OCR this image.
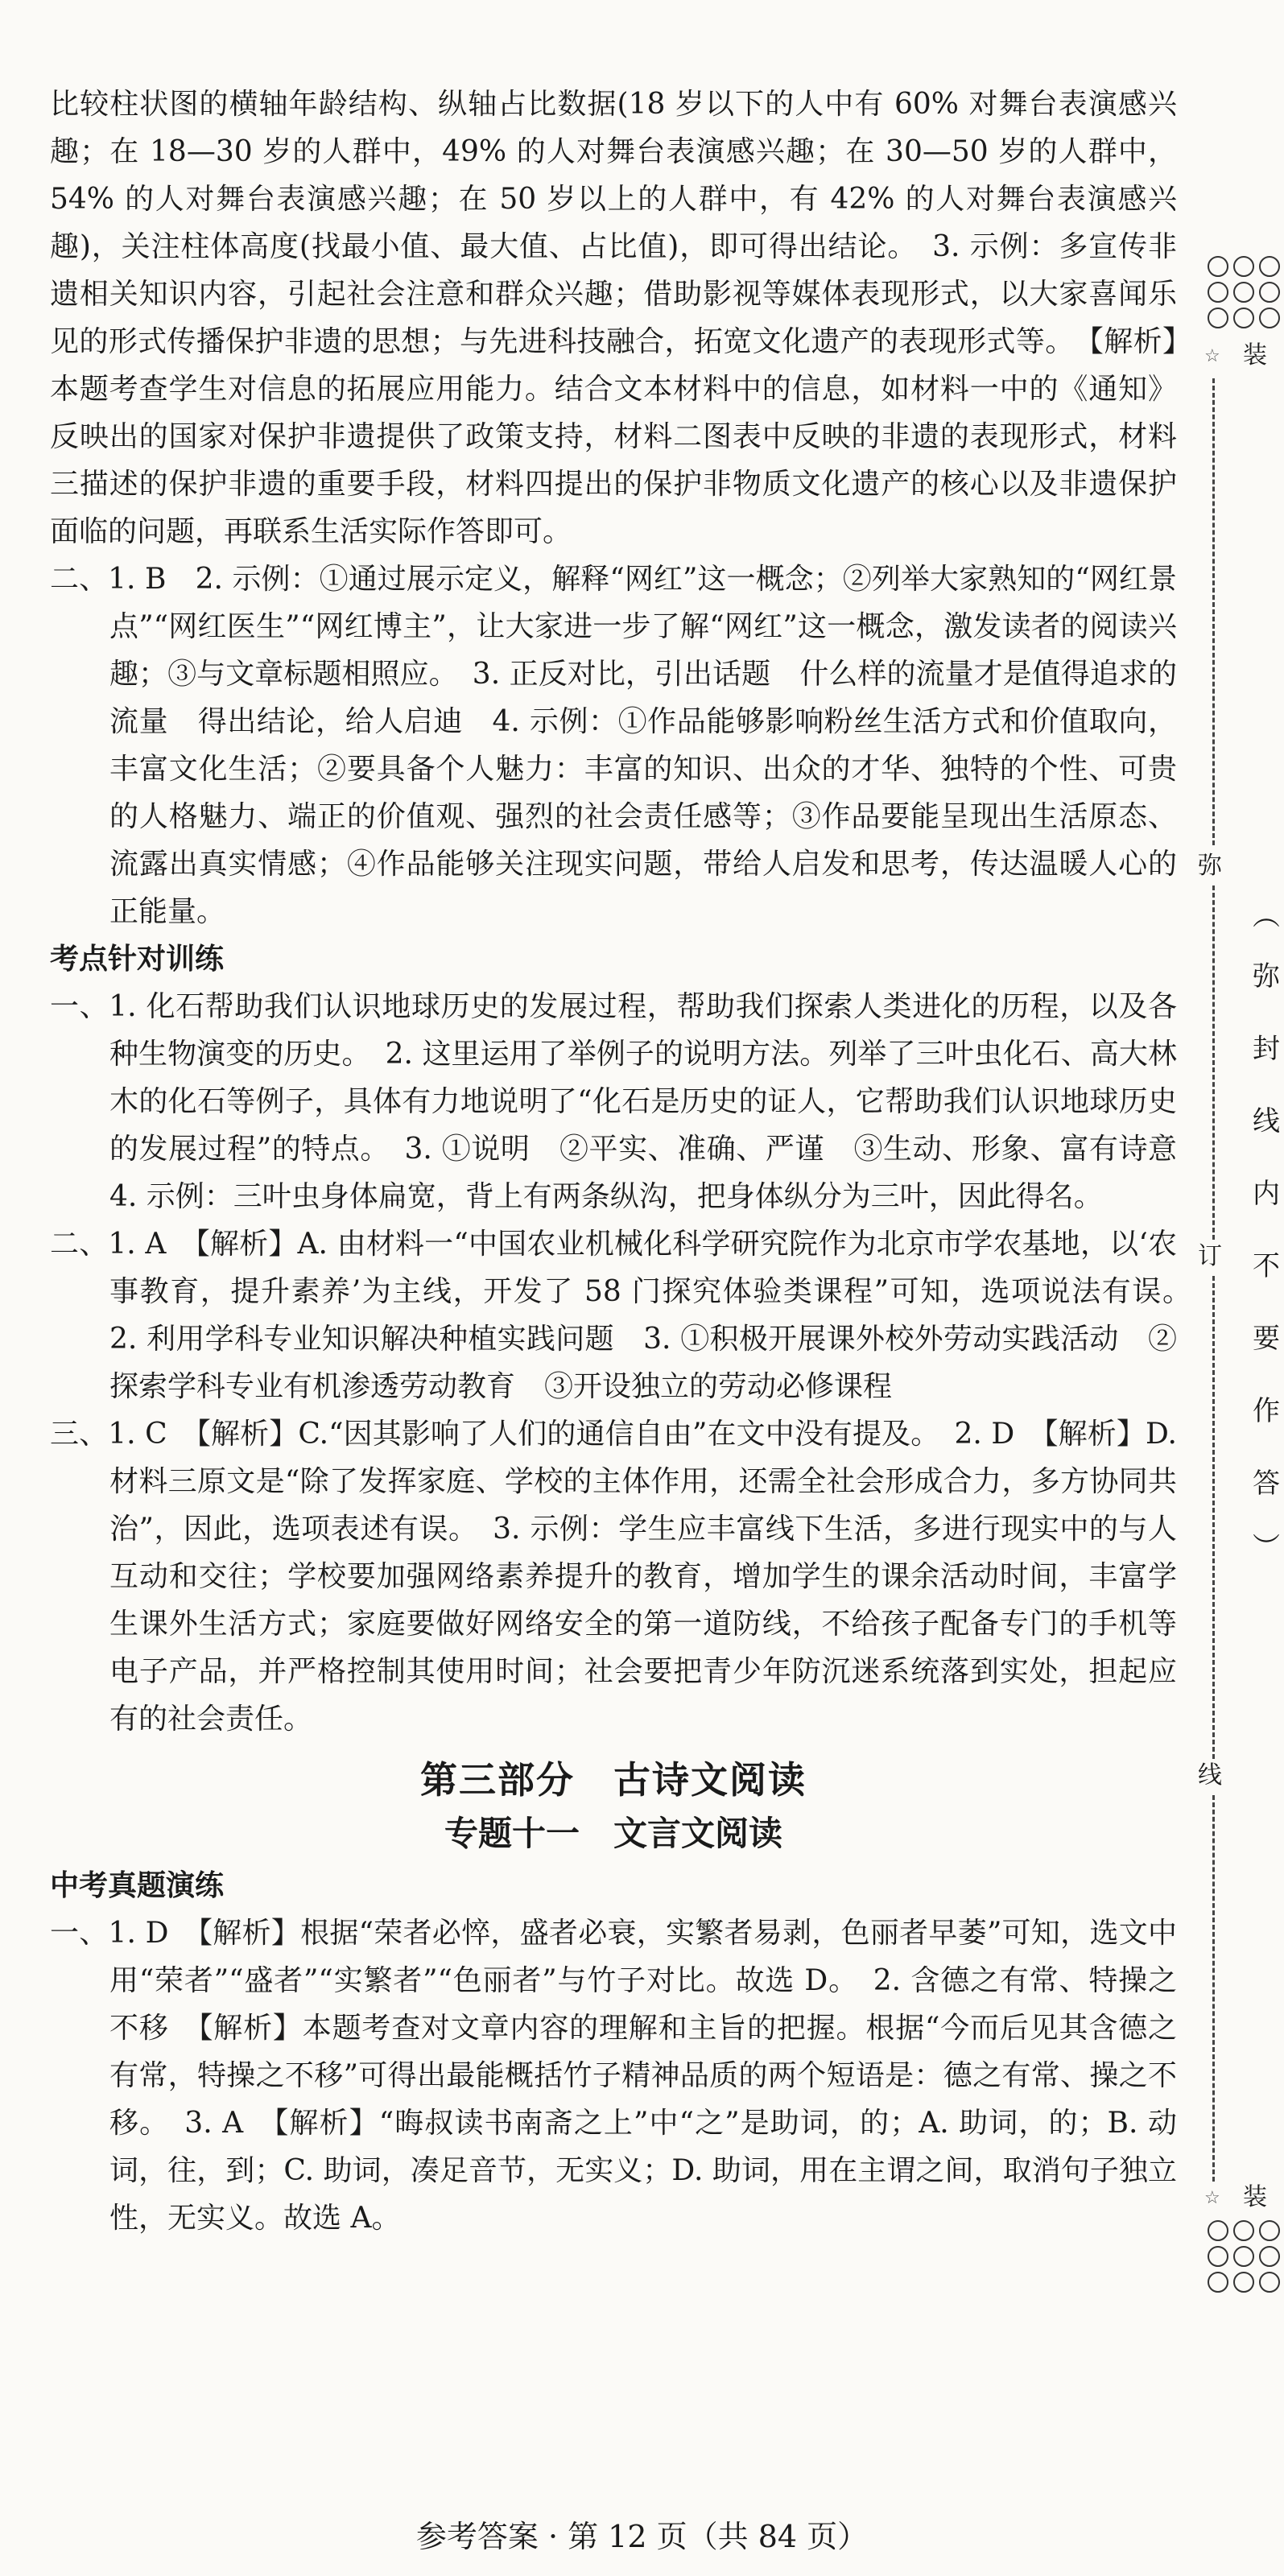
比较柱状图的横轴年龄结构、纵轴占比数据(18 岁以下的人中有 60% 对舞台表演感兴趣；在 18—30 岁的人群中，49% 的人对舞台表演感兴趣；在 30—50 岁的人群中，54% 的人对舞台表演感兴趣；在 50 岁以上的人群中，有 42% 的人对舞台表演感兴趣)，关注柱体高度(找最小值、最大值、占比值)，即可得出结论。　3. 示例：多宣传非遗相关知识内容，引起社会注意和群众兴趣；借助影视等媒体表现形式，以大家喜闻乐见的形式传播保护非遗的思想；与先进科技融合，拓宽文化遗产的表现形式等。　【解析】本题考查学生对信息的拓展应用能力。结合文本材料中的信息，如材料一中的《通知》反映出的国家对保护非遗提供了政策支持，材料二图表中反映的非遗的表现形式，材料三描述的保护非遗的重要手段，材料四提出的保护非物质文化遗产的核心以及非遗保护面临的问题，再联系生活实际作答即可。

二、1. B　2. 示例：①通过展示定义，解释“网红”这一概念；②列举大家熟知的“网红景点”“网红医生”“网红博主”，让大家进一步了解“网红”这一概念，激发读者的阅读兴趣；③与文章标题相照应。　3. 正反对比，引出话题　什么样的流量才是值得追求的流量　得出结论，给人启迪　4. 示例：①作品能够影响粉丝生活方式和价值取向，丰富文化生活；②要具备个人魅力：丰富的知识、出众的才华、独特的个性、可贵的人格魅力、端正的价值观、强烈的社会责任感等；③作品要能呈现出生活原态、流露出真实情感；④作品能够关注现实问题，带给人启发和思考，传达温暖人心的正能量。

考点针对训练

一、1. 化石帮助我们认识地球历史的发展过程，帮助我们探索人类进化的历程，以及各种生物演变的历史。　2. 这里运用了举例子的说明方法。列举了三叶虫化石、高大林木的化石等例子，具体有力地说明了“化石是历史的证人，它帮助我们认识地球历史的发展过程”的特点。　3. ①说明　②平实、准确、严谨　③生动、形象、富有诗意　4. 示例：三叶虫身体扁宽，背上有两条纵沟，把身体纵分为三叶，因此得名。

二、1. A　【解析】A. 由材料一“中国农业机械化科学研究院作为北京市学农基地，以‘农事教育，提升素养’为主线，开发了 58 门探究体验类课程”可知，选项说法有误。　2. 利用学科专业知识解决种植实践问题　3. ①积极开展课外校外劳动实践活动　②探索学科专业有机渗透劳动教育　③开设独立的劳动必修课程

三、1. C　【解析】C.“因其影响了人们的通信自由”在文中没有提及。　2. D　【解析】D. 材料三原文是“除了发挥家庭、学校的主体作用，还需全社会形成合力，多方协同共治”，因此，选项表述有误。　3. 示例：学生应丰富线下生活，多进行现实中的与人互动和交往；学校要加强网络素养提升的教育，增加学生的课余活动时间，丰富学生课外生活方式；家庭要做好网络安全的第一道防线，不给孩子配备专门的手机等电子产品，并严格控制其使用时间；社会要把青少年防沉迷系统落到实处，担起应有的社会责任。

第三部分　古诗文阅读
专题十一　文言文阅读

中考真题演练

一、1. D　【解析】根据“荣者必悴，盛者必衰，实繁者易剥，色丽者早萎”可知，选文中用“荣者”“盛者”“实繁者”“色丽者”与竹子对比。故选 D。　2. 含德之有常、特操之不移　【解析】本题考查对文章内容的理解和主旨的把握。根据“今而后见其含德之有常，特操之不移”可得出最能概括竹子精神品质的两个短语是：德之有常、操之不移。　3. A　【解析】“晦叔读书南斋之上”中“之”是助词，的；A. 助词，的；B. 动词，往，到；C. 助词，凑足音节，无实义；D. 助词，用在主谓之间，取消句子独立性，无实义。故选 A。

参考答案 · 第 12 页（共 84 页）
☆ 装
弥
订
线
︵
弥
封
线
内
不
要
作
答
︶
☆ 装
